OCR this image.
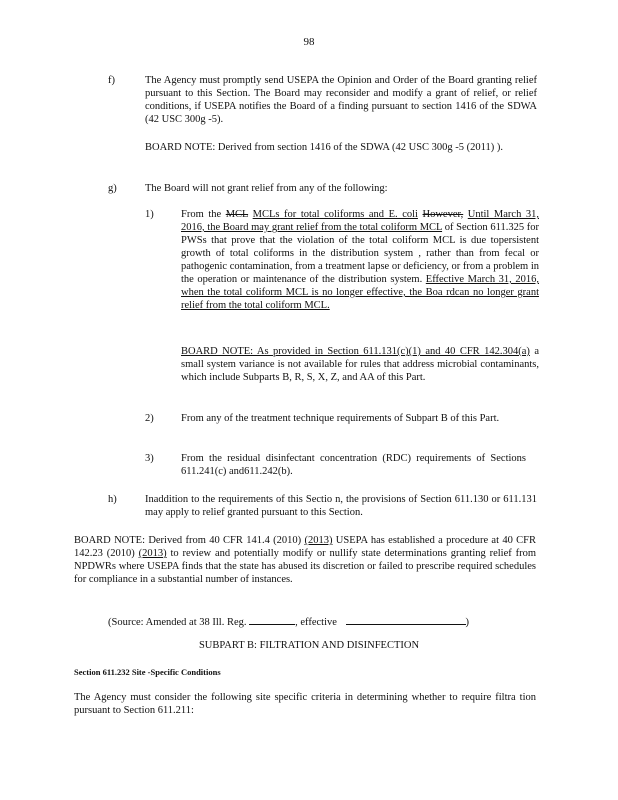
98
f)	The Agency must promptly send USEPA the Opinion and Order of the Board granting relief pursuant to this Section. The Board may reconsider and modify a grant of relief, or relief conditions, if USEPA notifies the Board of a finding pursuant to section 1416 of the SDWA (42 USC 300g -5).

BOARD NOTE: Derived from section 1416 of the SDWA (42 USC 300g -5 (2011) ).

g)	The Board will not grant relief from any of the following:

1)	From the MCL MCLs for total coliforms and E. coli However, Until March 31, 2016, the Board may grant relief from the total coliform MCL of Section 611.325 for PWSs that prove that the violation of the total coliform MCL is due topersistent growth of total coliforms in the distribution system , rather than from fecal or pathogenic contamination, from a treatment lapse or deficiency, or from a problem in the operation or maintenance of the distribution system. Effective March 31, 2016, when the total coliform MCL is no longer effective, the Boa rdcan no longer grant relief from the total coliform MCL.

BOARD NOTE: As provided in Section 611.131(c)(1) and 40 CFR 142.304(a) a small system variance is not available for rules that address microbial contaminants, which include Subparts B, R, S, X, Z, and AA of this Part.

2)	From any of the treatment technique requirements of Subpart B of this Part.

3)	From the residual disinfectant concentration (RDC) requirements of Sections 611.241(c) and611.242(b).

h)	Inaddition to the requirements of this Sectio n, the provisions of Section 611.130 or 611.131 may apply to relief granted pursuant to this Section.

BOARD NOTE: Derived from 40 CFR 141.4 (2010) (2013) USEPA has established a procedure at 40 CFR 142.23 (2010) (2013) to review and potentially modify or nullify state determinations granting relief from NPDWRs where USEPA finds that the state has abused its discretion or failed to prescribe required schedules for compliance in a substantial number of instances.

(Source: Amended at 38 Ill. Reg.	, effective	)
SUBPART B: FILTRATION AND DISINFECTION
Section 611.232 Site -Specific Conditions

The Agency must consider the following site specific criteria in determining whether to require filtra tion pursuant to Section 611.211:
